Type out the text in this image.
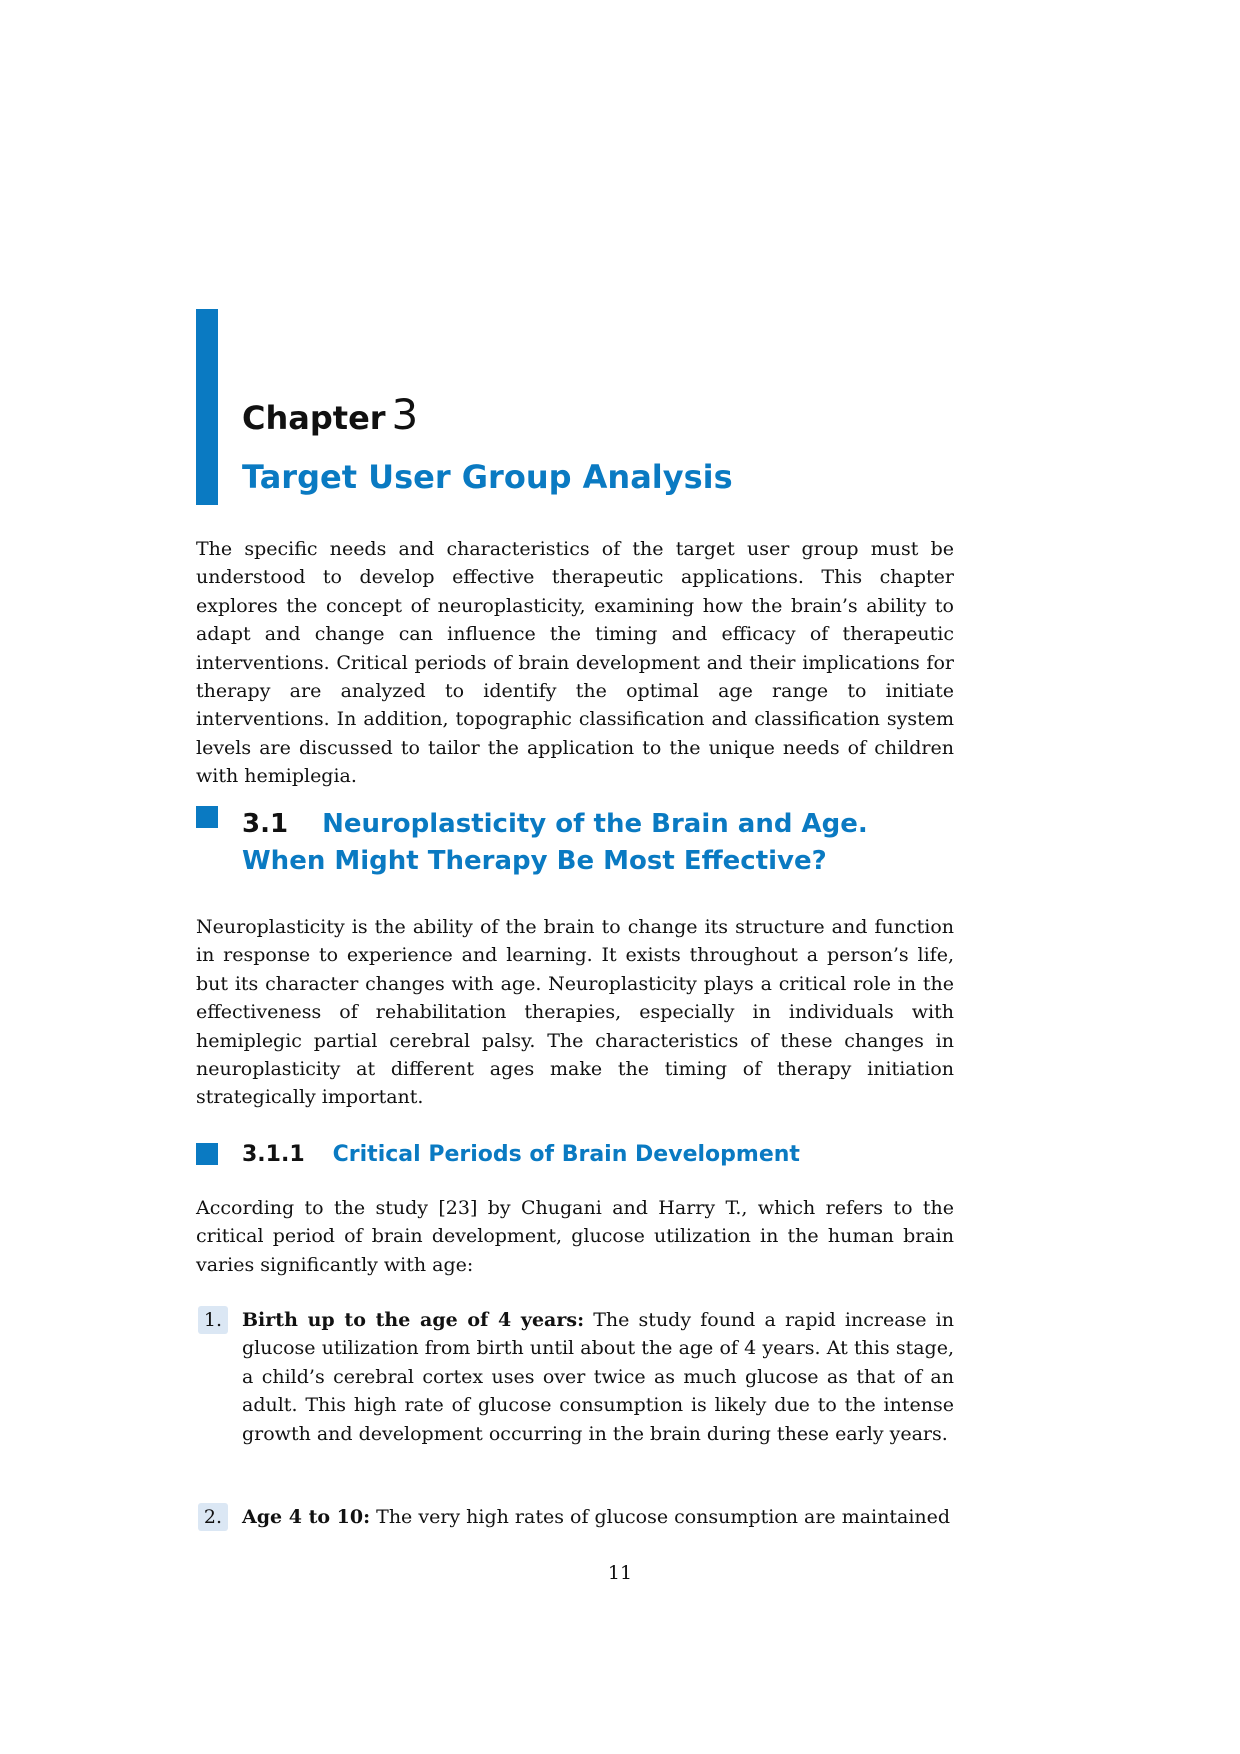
Chapter 3
Target User Group Analysis

The specific needs and characteristics of the target user group must be understood to develop effective therapeutic applications. This chapter explores the concept of neuroplasticity, examining how the brain’s ability to adapt and change can influence the timing and efficacy of therapeutic interventions. Critical periods of brain development and their implications for therapy are analyzed to identify the optimal age range to initiate interventions. In addition, topographic classification and classification system levels are discussed to tailor the application to the unique needs of children with hemiplegia.

3.1 Neuroplasticity of the Brain and Age. When Might Therapy Be Most Effective?

Neuroplasticity is the ability of the brain to change its structure and function in response to experience and learning. It exists throughout a person’s life, but its character changes with age. Neuroplasticity plays a critical role in the effectiveness of rehabilitation therapies, especially in individuals with hemiplegic partial cerebral palsy. The characteristics of these changes in neuroplasticity at different ages make the timing of therapy initiation strategically important.

3.1.1 Critical Periods of Brain Development

According to the study [23] by Chugani and Harry T., which refers to the critical period of brain development, glucose utilization in the human brain varies significantly with age:

1.	Birth up to the age of 4 years: The study found a rapid increase in glucose utilization from birth until about the age of 4 years. At this stage, a child’s cerebral cortex uses over twice as much glucose as that of an adult. This high rate of glucose consumption is likely due to the intense growth and development occurring in the brain during these early years.

2.	Age 4 to 10: The very high rates of glucose consumption are maintained

11
